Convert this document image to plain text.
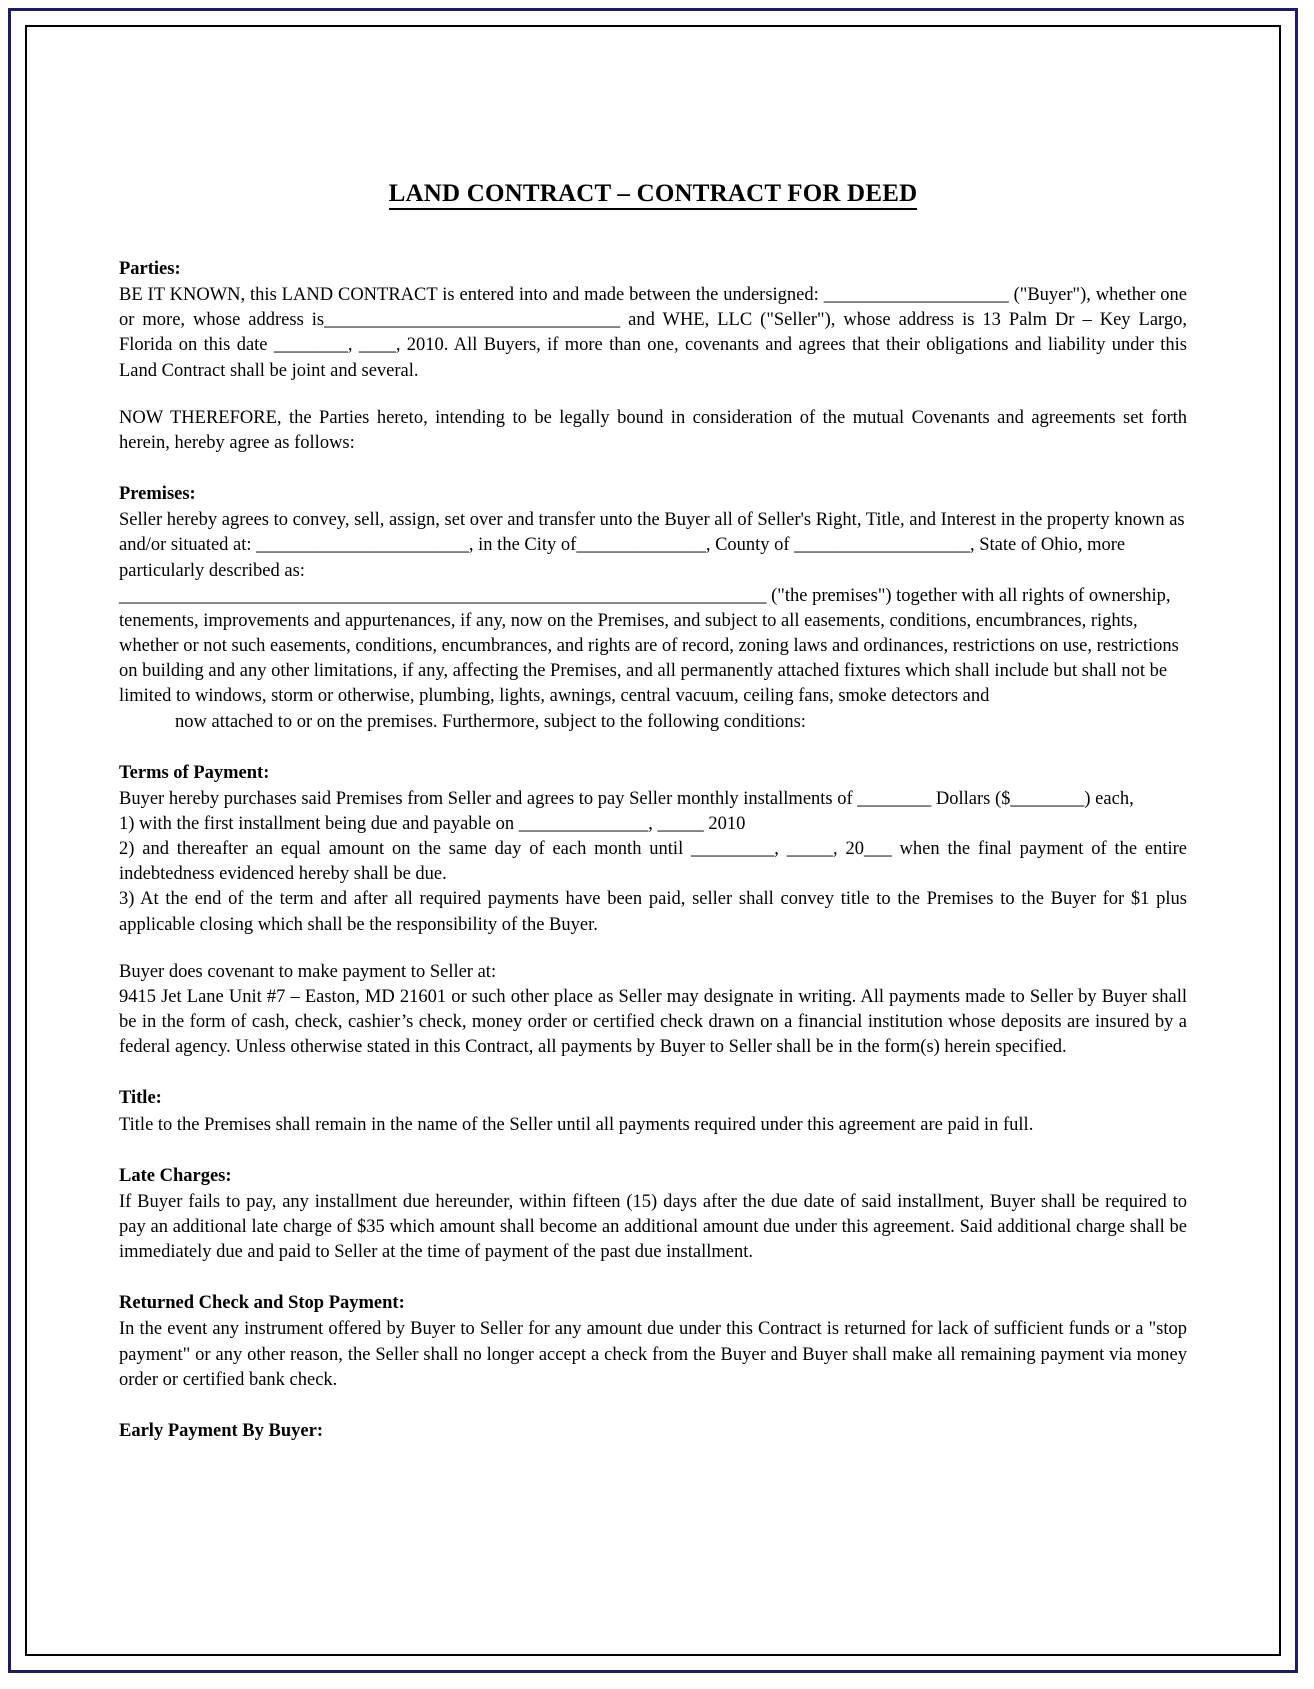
LAND CONTRACT – CONTRACT FOR DEED
Parties:

BE IT KNOWN, this LAND CONTRACT is entered into and made between the undersigned: ____________________ ("Buyer"), whether one or more, whose address is________________________________ and WHE, LLC ("Seller"), whose address is 13 Palm Dr – Key Largo, Florida on this date ________, ____, 2010. All Buyers, if more than one, covenants and agrees that their obligations and liability under this Land Contract shall be joint and several.

NOW THEREFORE, the Parties hereto, intending to be legally bound in consideration of the mutual Covenants and agreements set forth herein, hereby agree as follows:

Premises:

Seller hereby agrees to convey, sell, assign, set over and transfer unto the Buyer all of Seller's Right, Title, and Interest in the property known as and/or situated at: _______________________, in the City of______________, County of ___________________, State of Ohio, more particularly described as:

______________________________________________________________________ ("the premises") together with all rights of ownership, tenements, improvements and appurtenances, if any, now on the Premises, and subject to all easements, conditions, encumbrances, rights, whether or not such easements, conditions, encumbrances, and rights are of record, zoning laws and ordinances, restrictions on use, restrictions on building and any other limitations, if any, affecting the Premises, and all permanently attached fixtures which shall include but shall not be limited to windows, storm or otherwise, plumbing, lights, awnings, central vacuum, ceiling fans, smoke detectors and

now attached to or on the premises. Furthermore, subject to the following conditions:

Terms of Payment:

Buyer hereby purchases said Premises from Seller and agrees to pay Seller monthly installments of ________ Dollars ($________) each,

1) with the first installment being due and payable on ______________, _____ 2010

2) and thereafter an equal amount on the same day of each month until _________, _____, 20___ when the final payment of the entire indebtedness evidenced hereby shall be due.

3) At the end of the term and after all required payments have been paid, seller shall convey title to the Premises to the Buyer for $1 plus applicable closing which shall be the responsibility of the Buyer.

Buyer does covenant to make payment to Seller at:

9415 Jet Lane Unit #7 – Easton, MD 21601 or such other place as Seller may designate in writing. All payments made to Seller by Buyer shall be in the form of cash, check, cashier’s check, money order or certified check drawn on a financial institution whose deposits are insured by a federal agency. Unless otherwise stated in this Contract, all payments by Buyer to Seller shall be in the form(s) herein specified.

Title:

Title to the Premises shall remain in the name of the Seller until all payments required under this agreement are paid in full.

Late Charges:

If Buyer fails to pay, any installment due hereunder, within fifteen (15) days after the due date of said installment, Buyer shall be required to pay an additional late charge of $35 which amount shall become an additional amount due under this agreement. Said additional charge shall be immediately due and paid to Seller at the time of payment of the past due installment.

Returned Check and Stop Payment:

In the event any instrument offered by Buyer to Seller for any amount due under this Contract is returned for lack of sufficient funds or a "stop payment" or any other reason, the Seller shall no longer accept a check from the Buyer and Buyer shall make all remaining payment via money order or certified bank check.

Early Payment By Buyer:
